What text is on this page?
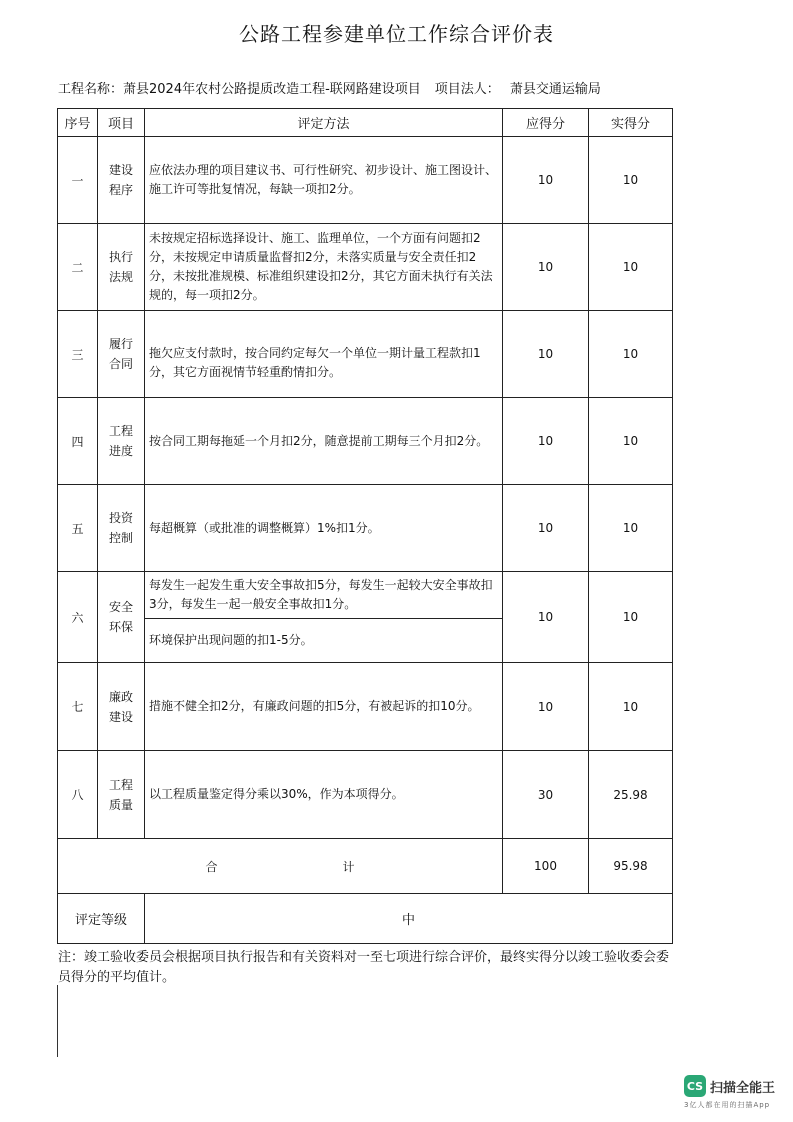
公路工程参建单位工作综合评价表
工程名称：萧县2024年农村公路提质改造工程-联网路建设项目 项目法人： 萧县交通运输局
序号	项目	评定方法	应得分	实得分
一	建设程序	应依法办理的项目建议书、可行性研究、初步设计、施工图设计、施工许可等批复情况，每缺一项扣2分。	10	10
二	执行法规	未按规定招标选择设计、施工、监理单位，一个方面有问题扣2分，未按规定申请质量监督扣2分，未落实质量与安全责任扣2分，未按批准规模、标准组织建设扣2分，其它方面未执行有关法规的，每一项扣2分。	10	10
三	履行合同	拖欠应支付款时，按合同约定每欠一个单位一期计量工程款扣1分，其它方面视情节轻重酌情扣分。	10	10
四	工程进度	按合同工期每拖延一个月扣2分，随意提前工期每三个月扣2分。	10	10
五	投资控制	每超概算（或批准的调整概算）1%扣1分。	10	10
六	安全环保	每发生一起发生重大安全事故扣5分，每发生一起较大安全事故扣3分，每发生一起一般安全事故扣1分。	10	10
		环境保护出现问题的扣1-5分。		
七	廉政建设	措施不健全扣2分，有廉政问题的扣5分，有被起诉的扣10分。	10	10
八	工程质量	以工程质量鉴定得分乘以30%，作为本项得分。	30	25.98
合 计			100	95.98
评定等级		中		
注：竣工验收委员会根据项目执行报告和有关资料对一至七项进行综合评价，最终实得分以竣工验收委会委员得分的平均值计。
CS 扫描全能王
3亿人都在用的扫描App
